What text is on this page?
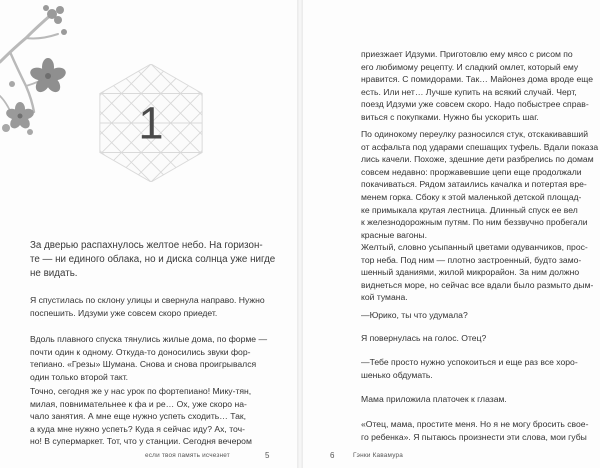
1
За дверью распахнулось желтое небо. На горизон-
те — ни единого облака, но и диска солнца уже нигде
не видать.
Я спустилась по склону улицы и свернула направо. Нужно
поспешить. Идзуми уже совсем скоро приедет.
Вдоль плавного спуска тянулись жилые дома, по форме —
почти один к одному. Откуда-то доносились звуки фор-
тепиано. «Грезы» Шумана. Снова и снова проигрывался
один только второй такт.
Точно, сегодня же у нас урок по фортепиано! Мику-тян,
милая, повнимательнее к фа и ре… Ох, уже скоро на-
чало занятия. А мне еще нужно успеть сходить… Так,
а куда мне нужно успеть? Куда я сейчас иду? Ах, точ-
но! В супермаркет. Тот, что у станции. Сегодня вечером
если твоя память исчезнет	5
приезжает Идзуми. Приготовлю ему мясо с рисом по
его любимому рецепту. И сладкий омлет, который ему
нравится. С помидорами. Так… Майонез дома вроде еще
есть. Или нет… Лучше купить на всякий случай. Черт,
поезд Идзуми уже совсем скоро. Надо побыстрее справ-
виться с покупками. Нужно бы ускорить шаг.
По одинокому переулку разносился стук, отскакивавший
от асфальта под ударами спешащих туфель. Вдали показа
лись качели. Похоже, здешние дети разбрелись по домам
совсем недавно: проржавевшие цепи еще продолжали
покачиваться. Рядом затаились качалка и потертая вре-
менем горка. Сбоку к этой маленькой детской площад-
ке примыкала крутая лестница. Длинный спуск ее вел
к железнодорожным путям. По ним беззвучно пробегали
красные вагоны.
Желтый, словно усыпанный цветами одуванчиков, прос-
тор неба. Под ним — плотно застроенный, будто замо-
шенный зданиями, жилой микрорайон. За ним должно
виднеться море, но сейчас все вдали было размыто дым-
кой тумана.
—Юрико, ты что удумала?
Я повернулась на голос. Отец?
—Тебе просто нужно успокоиться и еще раз все хоро-
шенько обдумать.
Мама приложила платочек к глазам.
«Отец, мама, простите меня. Но я не могу бросить свое-
го ребенка». Я пытаюсь произнести эти слова, мои губы
6	Гэнки Кавамура
